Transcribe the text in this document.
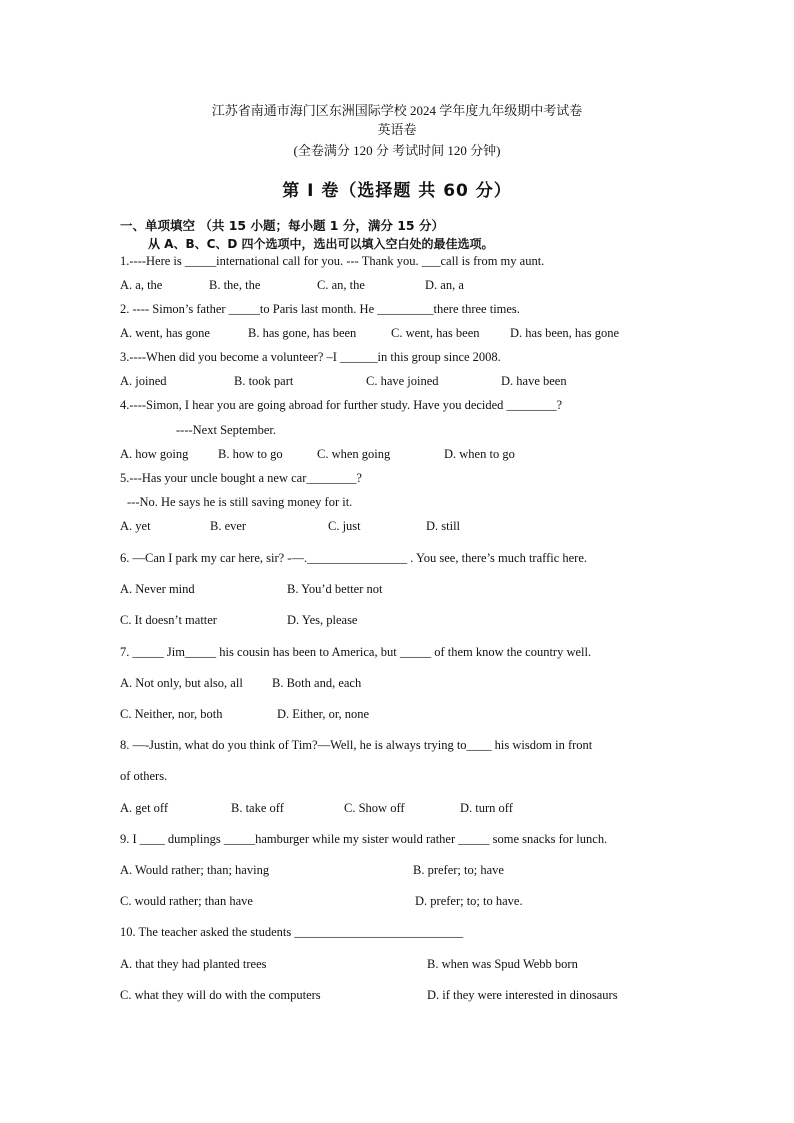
江苏省南通市海门区东洲国际学校 2024 学年度九年级期中考试卷
英语卷
(全卷满分 120 分 考试时间 120 分钟)
第 I 卷（选择题 共 60 分）
一、单项填空 （共 15 小题；每小题 1 分，满分 15 分）
从 A、B、C、D 四个选项中，选出可以填入空白处的最佳选项。
1.----Here is _____international call for you. --- Thank you. ___call is from my aunt.
A. a, the	B. the, the	C. an, the	D. an, a
2. ---- Simon’s father _____to Paris last month. He _________there three times.
A. went, has gone	B. has gone, has been	C. went, has been D. has been, has gone
3.----When did you become a volunteer? –I ______in this group since 2008.
A. joined	B. took part	C. have joined	D. have been
4.----Simon, I hear you are going abroad for further study. Have you decided ________?
----Next September.
A. how going B. how to go	C. when going	D. when to go
5.---Has your uncle bought a new car________?
---No. He says he is still saving money for it.
A. yet	B. ever	C. just	D. still
6. —Can I park my car here, sir? -—.________________ . You see, there’s much traffic here.
A. Never mind	B. You’d better not
C. It doesn’t matter	D. Yes, please
7. _____ Jim_____ his cousin has been to America, but _____ of them know the country well.
A. Not only, but also, all B. Both and, each
C. Neither, nor, both	D. Either, or, none
8. —-Justin, what do you think of Tim?—Well, he is always trying to____ his wisdom in front
of others.
A. get off	B. take off	C. Show off	D. turn off
9. I ____ dumplings _____hamburger while my sister would rather _____ some snacks for lunch.
A. Would rather; than; having	B. prefer; to; have
C. would rather; than have	D. prefer; to; to have.
10. The teacher asked the students ___________________________
A. that they had planted trees	B. when was Spud Webb born
C. what they will do with the computers	D. if they were interested in dinosaurs
